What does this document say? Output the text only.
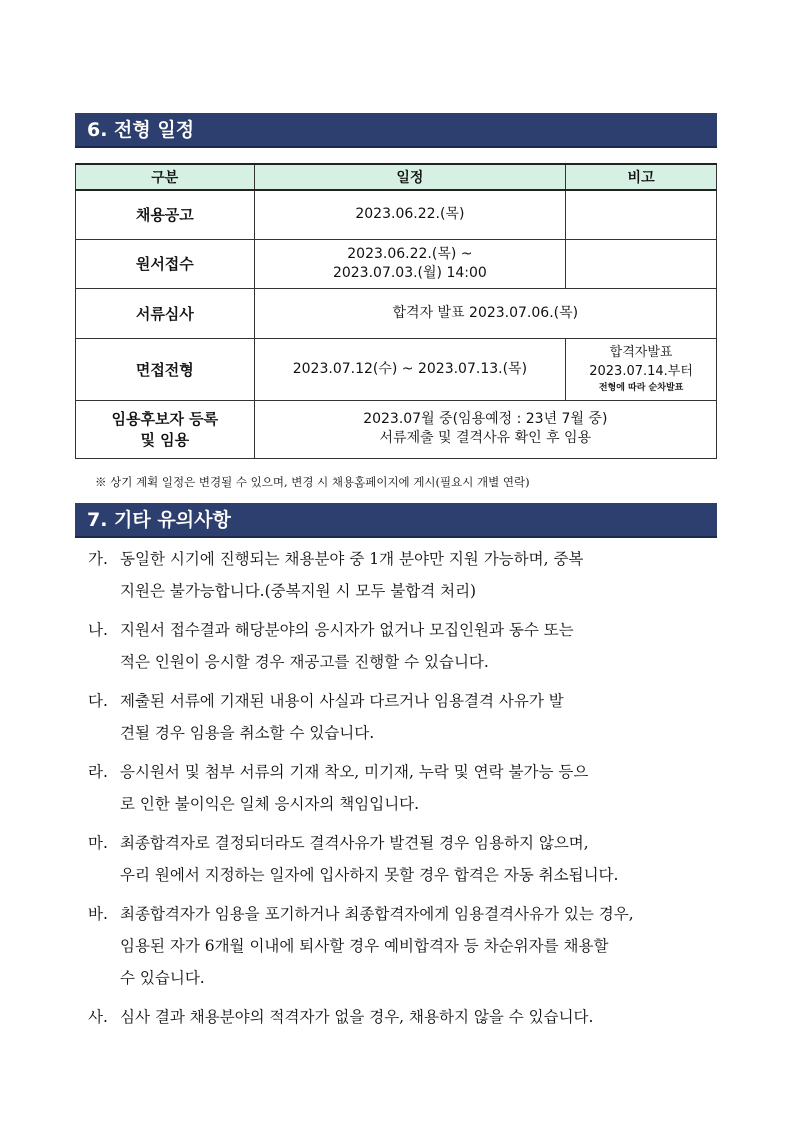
6. 전형 일정
구분	일정	비고
채용공고	2023.06.22.(목)	
원서접수	2023.06.22.(목) ~
2023.07.03.(월) 14:00	

서류심사	합격자 발표 2023.07.06.(목)	
면접전형	2023.07.12(수) ~ 2023.07.13.(목)	합격자발표
2023.07.14.부터
전형에 따라 순차발표

임용후보자 등록
및 임용	2023.07월 중(임용예정 : 23년 7월 중)
서류제출 및 결격사유 확인 후 임용	
※ 상기 계획 일정은 변경될 수 있으며, 변경 시 채용홈페이지에 게시(필요시 개별 연락)
7. 기타 유의사항
가. 동일한 시기에 진행되는 채용분야 중 1개 분야만 지원 가능하며, 중복
지원은 불가능합니다.(중복지원 시 모두 불합격 처리)
나. 지원서 접수결과 해당분야의 응시자가 없거나 모집인원과 동수 또는
적은 인원이 응시할 경우 재공고를 진행할 수 있습니다.
다. 제출된 서류에 기재된 내용이 사실과 다르거나 임용결격 사유가 발
견될 경우 임용을 취소할 수 있습니다.
라. 응시원서 및 첨부 서류의 기재 착오, 미기재, 누락 및 연락 불가능 등으
로 인한 불이익은 일체 응시자의 책임입니다.
마. 최종합격자로 결정되더라도 결격사유가 발견될 경우 임용하지 않으며,
우리 원에서 지정하는 일자에 입사하지 못할 경우 합격은 자동 취소됩니다.
바. 최종합격자가 임용을 포기하거나 최종합격자에게 임용결격사유가 있는 경우,
임용된 자가 6개월 이내에 퇴사할 경우 예비합격자 등 차순위자를 채용할
수 있습니다.
사. 심사 결과 채용분야의 적격자가 없을 경우, 채용하지 않을 수 있습니다.
